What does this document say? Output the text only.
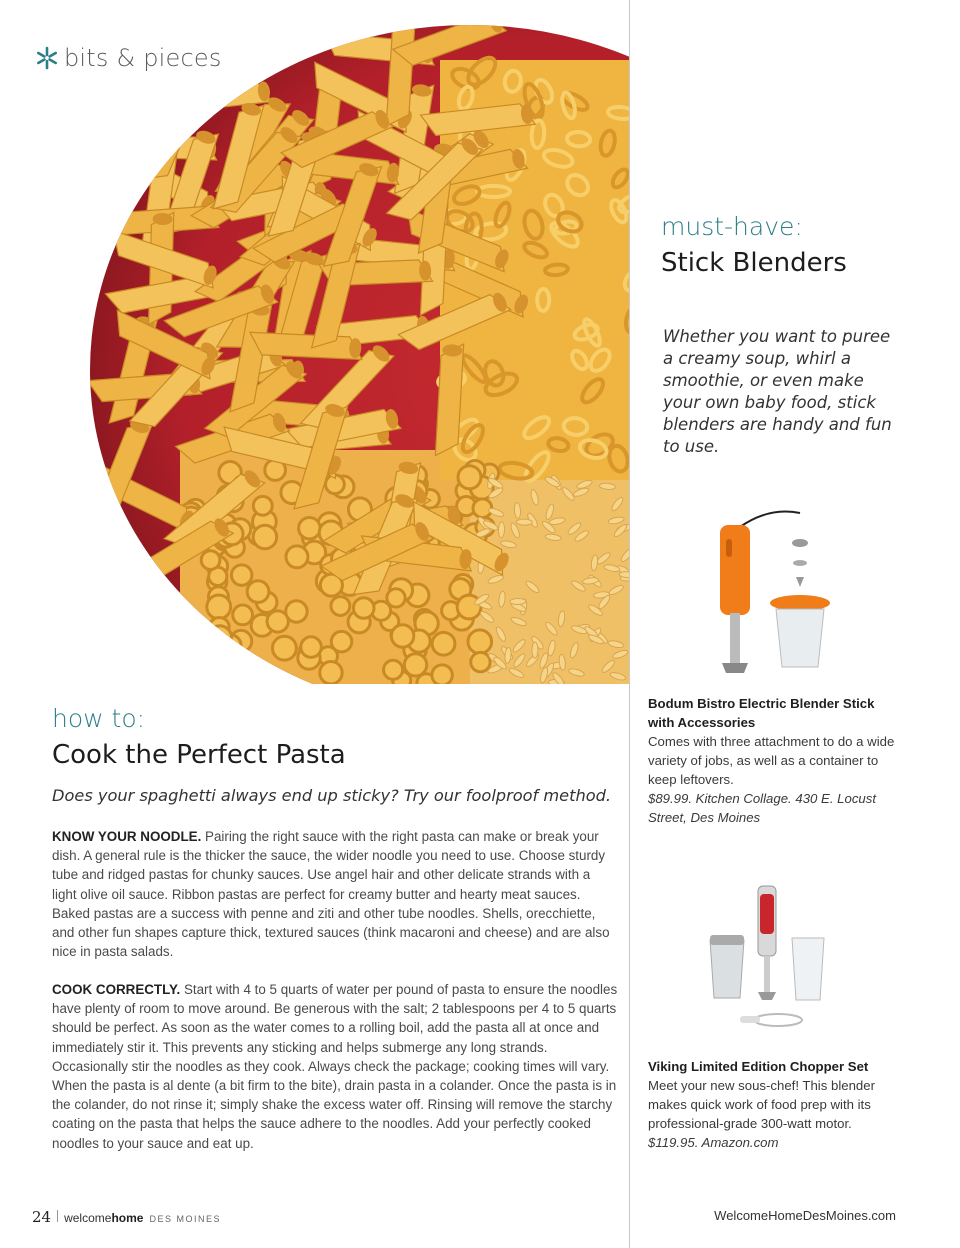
bits & pieces
must-have:
Stick Blenders
Whether you want to puree a creamy soup, whirl a smoothie, or even make your own baby food, stick blenders are handy and fun to use.
Bodum Bistro Electric Blender Stick with Accessories
Comes with three attachment to do a wide variety of jobs, as well as a container to keep leftovers.
$89.99. Kitchen Collage. 430 E. Locust Street, Des Moines
Viking Limited Edition Chopper Set
Meet your new sous-chef! This blender makes quick work of food prep with its professional-grade 300-watt motor.
$119.95. Amazon.com
how to:
Cook the Perfect Pasta
Does your spaghetti always end up sticky? Try our foolproof method.
KNOW YOUR NOODLE. Pairing the right sauce with the right pasta can make or break your dish. A general rule is the thicker the sauce, the wider noodle you need to use. Choose sturdy tube and ridged pastas for chunky sauces. Use angel hair and other delicate strands with a light olive oil sauce. Ribbon pastas are perfect for creamy butter and hearty meat sauces. Baked pastas are a success with penne and ziti and other tube noodles. Shells, orecchiette, and other fun shapes capture thick, textured sauces (think macaroni and cheese) and are also nice in pasta salads.
COOK CORRECTLY. Start with 4 to 5 quarts of water per pound of pasta to ensure the noodles have plenty of room to move around. Be generous with the salt; 2 tablespoons per 4 to 5 quarts should be perfect. As soon as the water comes to a rolling boil, add the pasta all at once and immediately stir it. This prevents any sticking and helps submerge any long strands. Occasionally stir the noodles as they cook. Always check the package; cooking times will vary. When the pasta is al dente (a bit firm to the bite), drain pasta in a colander. Once the pasta is in the colander, do not rinse it; simply shake the excess water off. Rinsing will remove the starchy coating on the pasta that helps the sauce adhere to the noodles. Add your perfectly cooked noodles to your sauce and eat up.
24 welcome home DES MOINES	WelcomeHomeDesMoines.com
